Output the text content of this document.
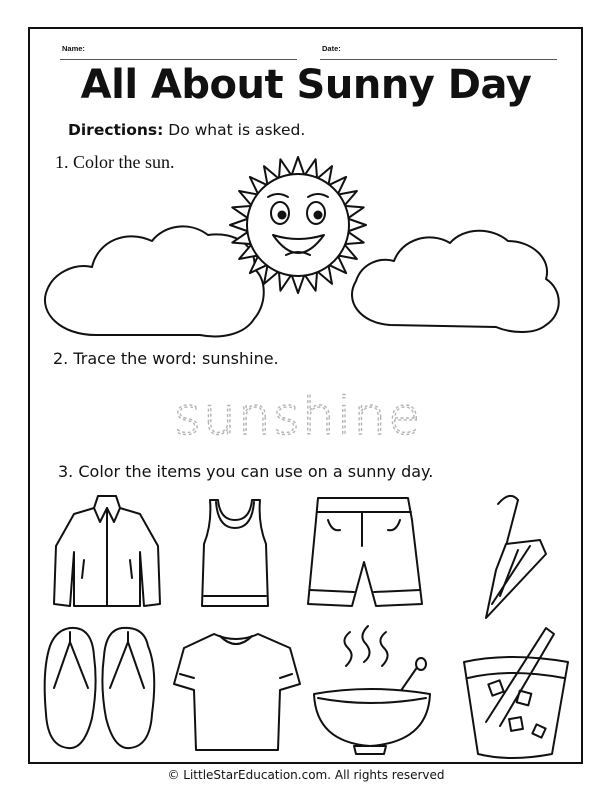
Name:	Date:
All About Sunny Day
Directions: Do what is asked.
1. Color the sun.
2. Trace the word: sunshine.
sunshine
3. Color the items you can use on a sunny day.
© LittleStarEducation.com. All rights reserved
